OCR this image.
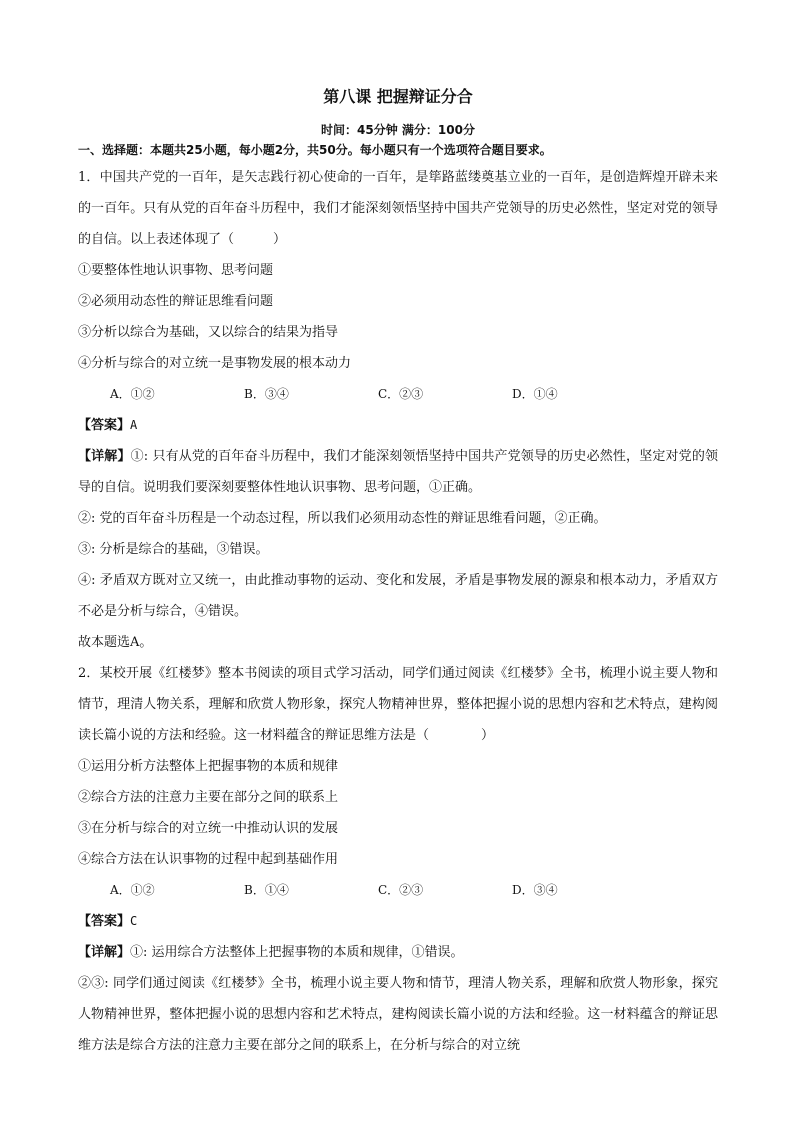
第八课 把握辩证分合
时间：45分钟 满分：100分
一、选择题：本题共25小题，每小题2分，共50分。每小题只有一个选项符合题目要求。
1．中国共产党的一百年，是矢志践行初心使命的一百年，是筚路蓝缕奠基立业的一百年，是创造辉煌开辟未来的一百年。只有从党的百年奋斗历程中，我们才能深刻领悟坚持中国共产党领导的历史必然性，坚定对党的领导的自信。以上表述体现了（　　　）
①要整体性地认识事物、思考问题
②必须用动态性的辩证思维看问题
③分析以综合为基础，又以综合的结果为指导
④分析与综合的对立统一是事物发展的根本动力
A．①②	B．③④	C．②③	D．①④
【答案】A
【详解】①: 只有从党的百年奋斗历程中，我们才能深刻领悟坚持中国共产党领导的历史必然性，坚定对党的领导的自信。说明我们要深刻要整体性地认识事物、思考问题，①正确。
②: 党的百年奋斗历程是一个动态过程，所以我们必须用动态性的辩证思维看问题，②正确。
③: 分析是综合的基础，③错误。
④: 矛盾双方既对立又统一，由此推动事物的运动、变化和发展，矛盾是事物发展的源泉和根本动力，矛盾双方不必是分析与综合，④错误。
故本题选A。
2．某校开展《红楼梦》整本书阅读的项目式学习活动，同学们通过阅读《红楼梦》全书，梳理小说主要人物和情节，理清人物关系，理解和欣赏人物形象，探究人物精神世界，整体把握小说的思想内容和艺术特点，建构阅读长篇小说的方法和经验。这一材料蕴含的辩证思维方法是（　　　　）
①运用分析方法整体上把握事物的本质和规律
②综合方法的注意力主要在部分之间的联系上
③在分析与综合的对立统一中推动认识的发展
④综合方法在认识事物的过程中起到基础作用
A．①②	B．①④	C．②③	D．③④
【答案】C
【详解】①: 运用综合方法整体上把握事物的本质和规律，①错误。
②③: 同学们通过阅读《红楼梦》全书，梳理小说主要人物和情节，理清人物关系，理解和欣赏人物形象，探究人物精神世界，整体把握小说的思想内容和艺术特点，建构阅读长篇小说的方法和经验。这一材料蕴含的辩证思维方法是综合方法的注意力主要在部分之间的联系上，在分析与综合的对立统
